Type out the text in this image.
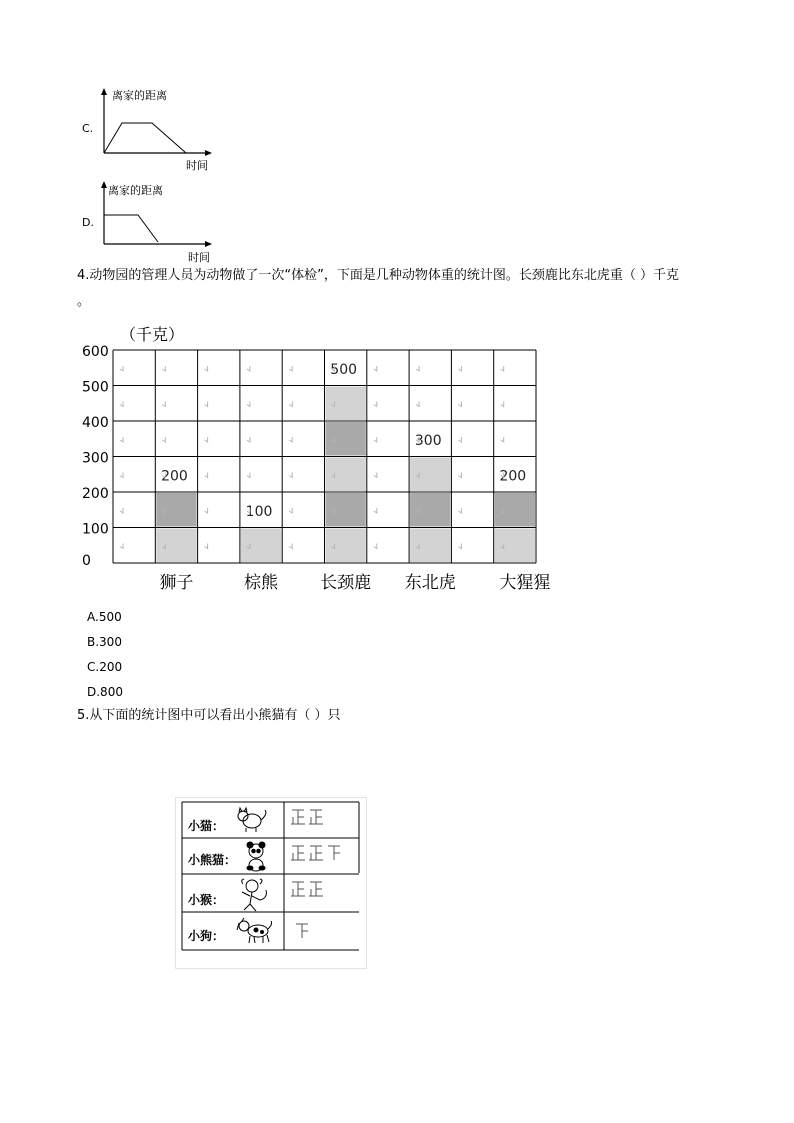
C.
离家的距离
时间
D.
离家的距离
时间
4.动物园的管理人员为动物做了一次“体检”，下面是几种动物体重的统计图。长颈鹿比东北虎重（ ）千克
。
（千克）
200
狮子
100
棕熊
500
长颈鹿
300
东北虎
200
大猩猩
600
500
400
300
200
100
0
A.500
B.300
C.200
D.800
5.从下面的统计图中可以看出小熊猫有（ ）只
小猫：
小熊猫：
小猴：
小狗：
